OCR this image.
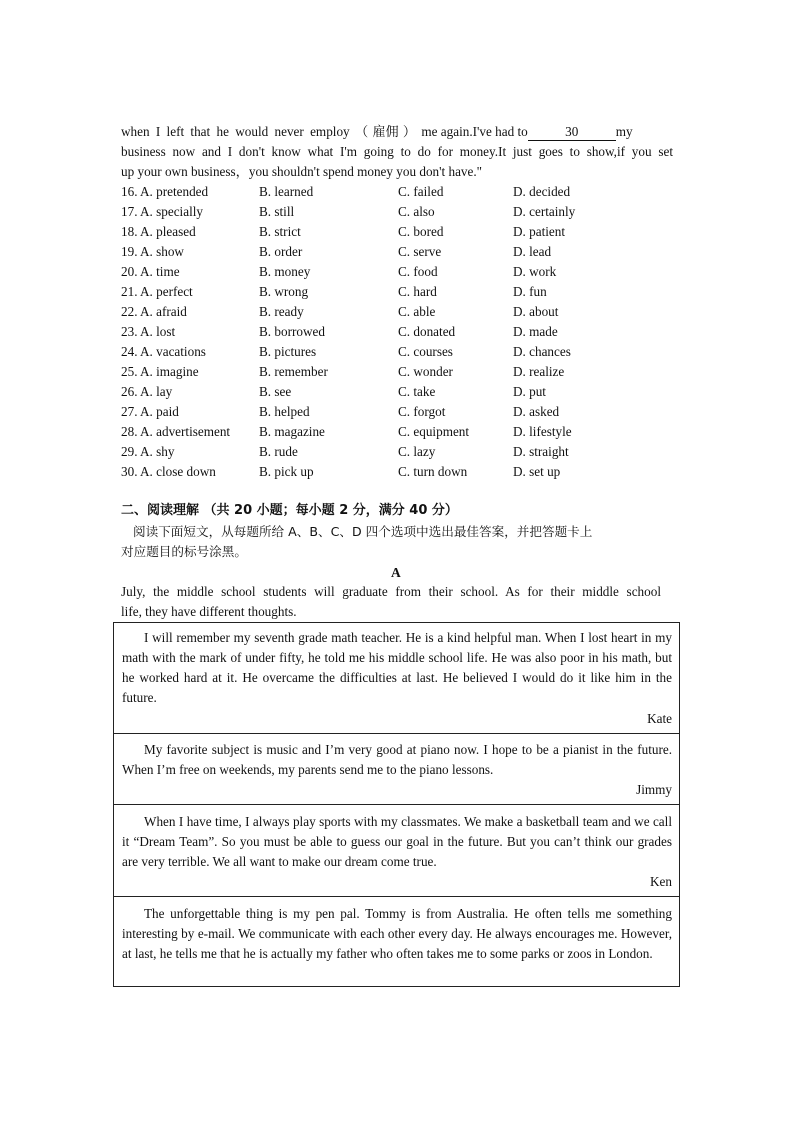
when I left that he would never employ （ 雇佣 ） me again.I've had to	30	my
business now and I don't know what I'm going to do for money.It just goes to show,if you set
up your own business，you shouldn't spend money you don't have."
16. A. pretended	B. learned	C. failed	D. decided
17. A. specially	B. still	C. also	D. certainly
18. A. pleased	B. strict	C. bored	D. patient
19. A. show	B. order	C. serve	D. lead
20. A. time	B. money	C. food	D. work
21. A. perfect	B. wrong	C. hard	D. fun
22. A. afraid	B. ready	C. able	D. about
23. A. lost	B. borrowed	C. donated	D. made
24. A. vacations	B. pictures	C. courses	D. chances
25. A. imagine	B. remember	C. wonder	D. realize
26. A. lay	B. see	C. take	D. put
27. A. paid	B. helped	C. forgot	D. asked
28. A. advertisement B. magazine	C. equipment	D. lifestyle
29. A. shy	B. rude	C. lazy	D. straight
30. A. close down	B. pick up	C. turn down	D. set up
二、阅读理解 （共 20 小题；每小题 2 分，满分 40 分）
阅读下面短文，从每题所给 A、B、C、D 四个选项中选出最佳答案，并把答题卡上
对应题目的标号涂黑。
A
July, the middle school students will graduate from their school. As for their middle school
life, they have different thoughts.

I will remember my seventh grade math teacher. He is a kind helpful man. When I lost heart in my math with the mark of under fifty, he told me his middle school life. He was also poor in his math, but he worked hard at it. He overcame the difficulties at last. He believed I would do it like him in the future.

Kate

My favorite subject is music and I’m very good at piano now. I hope to be a pianist in the future. When I’m free on weekends, my parents send me to the piano lessons.

Jimmy

When I have time, I always play sports with my classmates. We make a basketball team and we call it “Dream Team”. So you must be able to guess our goal in the future. But you can’t think our grades are very terrible. We all want to make our dream come true.

Ken

The unforgettable thing is my pen pal. Tommy is from Australia. He often tells me something interesting by e-mail. We communicate with each other every day. He always encourages me. However, at last, he tells me that he is actually my father who often takes me to some parks or zoos in London.
